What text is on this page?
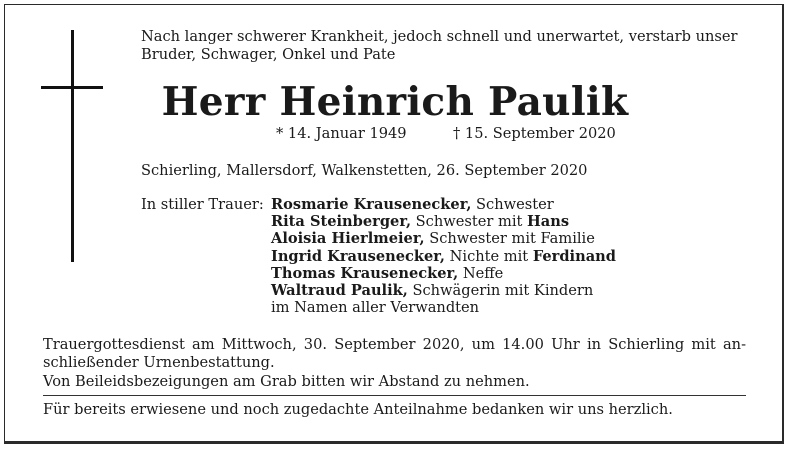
Nach langer schwerer Krankheit, jedoch schnell und unerwartet, verstarb unser
Bruder, Schwager, Onkel und Pate
Herr Heinrich Paulik
* 14. Januar 1949	† 15. September 2020
Schierling, Mallersdorf, Walkenstetten, 26. September 2020
In stiller Trauer: Rosmarie Krausenecker, Schwester
Rita Steinberger, Schwester mit Hans
Aloisia Hierlmeier, Schwester mit Familie
Ingrid Krausenecker, Nichte mit Ferdinand
Thomas Krausenecker, Neffe
Waltraud Paulik, Schwägerin mit Kindern
im Namen aller Verwandten
Trauergottesdienst am Mittwoch, 30. September 2020, um 14.00 Uhr in Schierling mit an-
schließender Urnenbestattung.
Von Beileidsbezeigungen am Grab bitten wir Abstand zu nehmen.
Für bereits erwiesene und noch zugedachte Anteilnahme bedanken wir uns herzlich.
